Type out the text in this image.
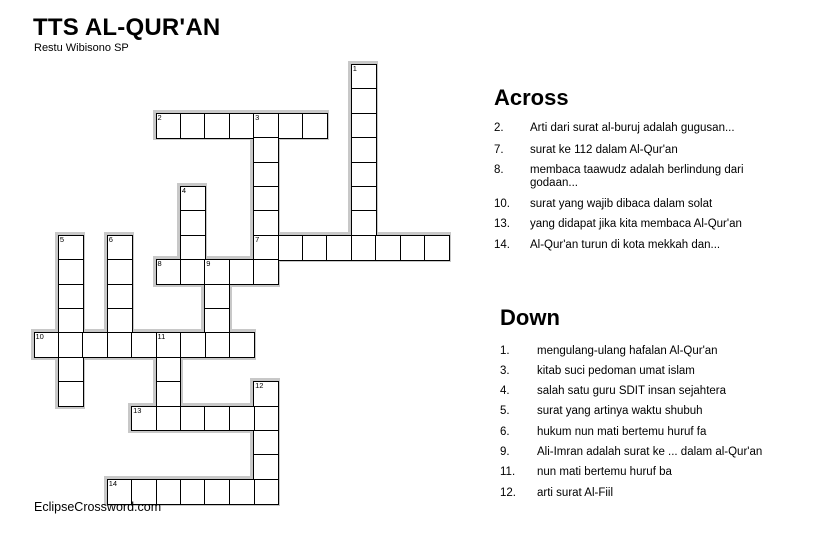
TTS AL-QUR'AN
Restu Wibisono SP
1
2	3
7
4
5	6
8	9
10	11
12
13
14
Across
2. Arti dari surat al-buruj adalah gugusan...
7. surat ke 112 dalam Al-Qur'an
8. membaca taawudz adalah berlindung dari godaan...
10. surat yang wajib dibaca dalam solat
13. yang didapat jika kita membaca Al-Qur'an
14. Al-Qur'an turun di kota mekkah dan...
Down
1. mengulang-ulang hafalan Al-Qur'an
3. kitab suci pedoman umat islam
4. salah satu guru SDIT insan sejahtera
5. surat yang artinya waktu shubuh
6. hukum nun mati bertemu huruf fa
9. Ali-Imran adalah surat ke ... dalam al-Qur'an
11. nun mati bertemu huruf ba
12. arti surat Al-Fiil
EclipseCrossword.com
